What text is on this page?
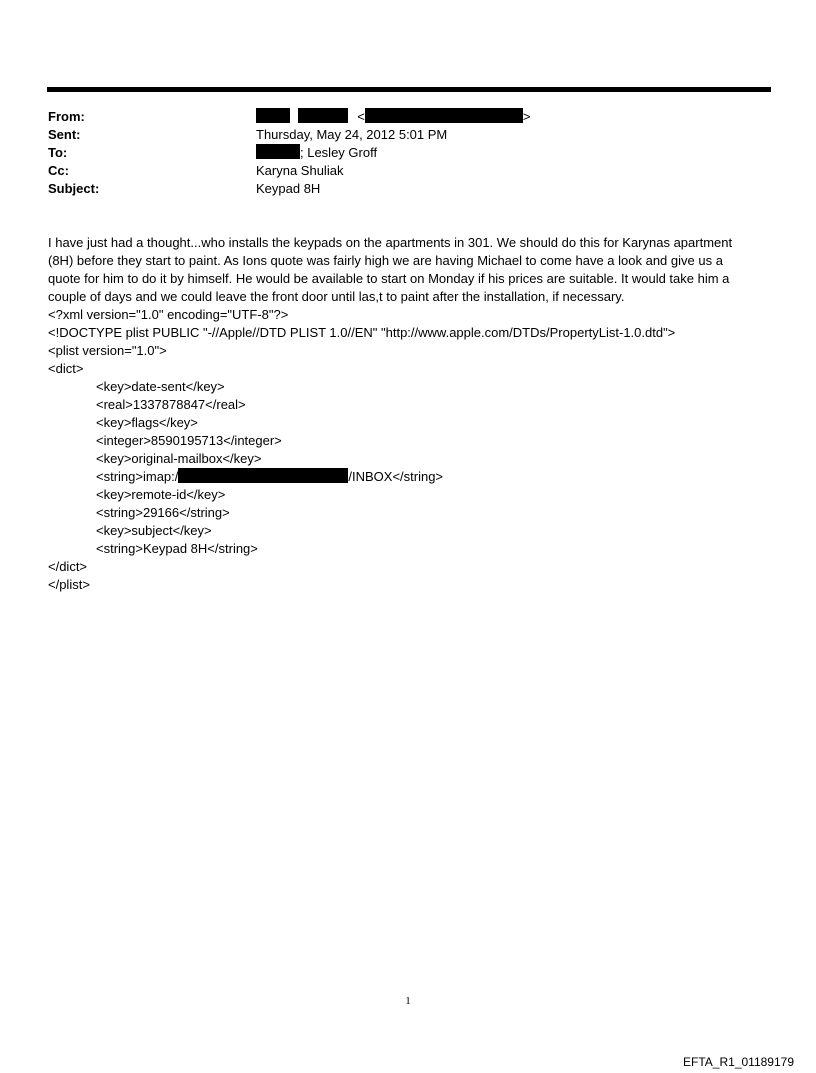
From:	<	>
Sent:	Thursday, May 24, 2012 5:01 PM
To:	; Lesley Groff
Cc:	Karyna Shuliak
Subject:	Keypad 8H
I have just had a thought...who installs the keypads on the apartments in 301. We should do this for Karynas apartment
(8H) before they start to paint. As Ions quote was fairly high we are having Michael to come have a look and give us a
quote for him to do it by himself. He would be available to start on Monday if his prices are suitable. It would take him a
couple of days and we could leave the front door until las,t to paint after the installation, if necessary.
<?xml version="1.0" encoding="UTF-8"?>
<!DOCTYPE plist PUBLIC "-//Apple//DTD PLIST 1.0//EN" "http://www.apple.com/DTDs/PropertyList-1.0.dtd">
<plist version="1.0">
<dict>
<key>date-sent</key>
<real>1337878847</real>
<key>flags</key>
<integer>8590195713</integer>
<key>original-mailbox</key>
<string>imap:/	/INBOX</string>
<key>remote-id</key>
<string>29166</string>
<key>subject</key>
<string>Keypad 8H</string>
</dict>
</plist>
1
EFTA_R1_01189179
